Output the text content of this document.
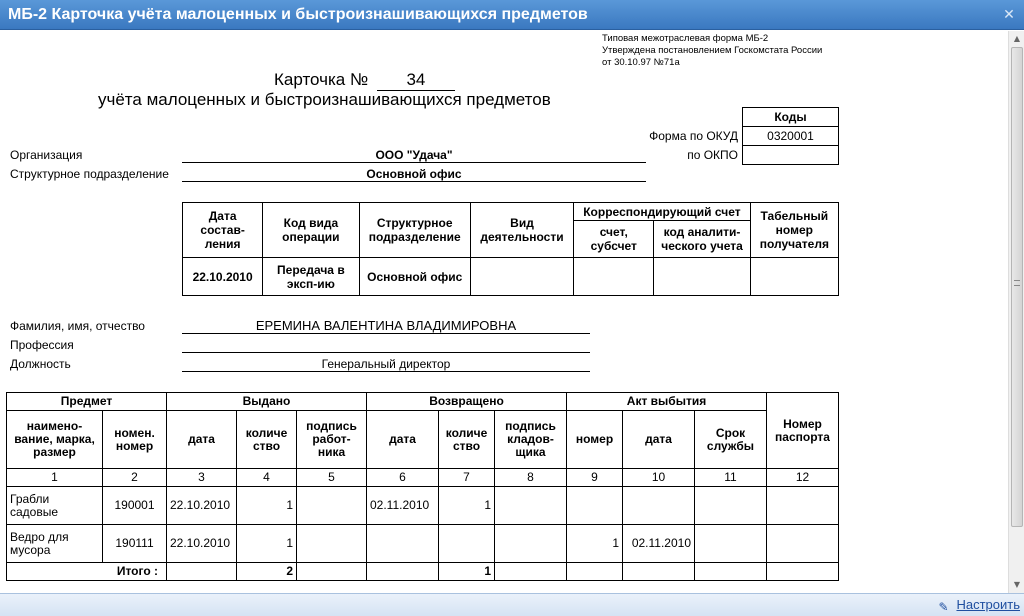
МБ-2 Карточка учёта малоценных и быстроизнашивающихся предметов	✕
Типовая межотраслевая форма МБ-2
Утверждена постановлением Госкомстата России
от 30.10.97 №71а
Карточка № 34
учёта малоценных и быстроизнашивающихся предметов
Коды
0320001

Форма по ОКУД
по ОКПО
Организация	ООО "Удача"
Структурное подразделение	Основной офис
Дата состав- ления	Код вида операции	Структурное подразделение	Вид деятельности	Корреспондирующий счет		Табельный номер получателя
				счет, субсчет	код аналити- ческого учета	
22.10.2010	Передача в эксп-ию	Основной офис				
Фамилия, имя, отчество	ЕРЕМИНА ВАЛЕНТИНА ВЛАДИМИРОВНА
Профессия
Должность	Генеральный директор
Предмет		Выдано			Возвращено			Акт выбытия			Номер паспорта
наимено- вание, марка, размер	номен. номер	дата	количе ство	подпись работ- ника	дата	количе ство	подпись кладов- щика	номер	дата	Срок службы	
1	2	3	4	5	6	7	8	9	10	11	12
Грабли садовые	190001	22.10.2010	1		02.11.2010	1					
Ведро для мусора	190111	22.10.2010	1					1	02.11.2010		
Итого :			2			1					
▲
▼
✎ Настроить
